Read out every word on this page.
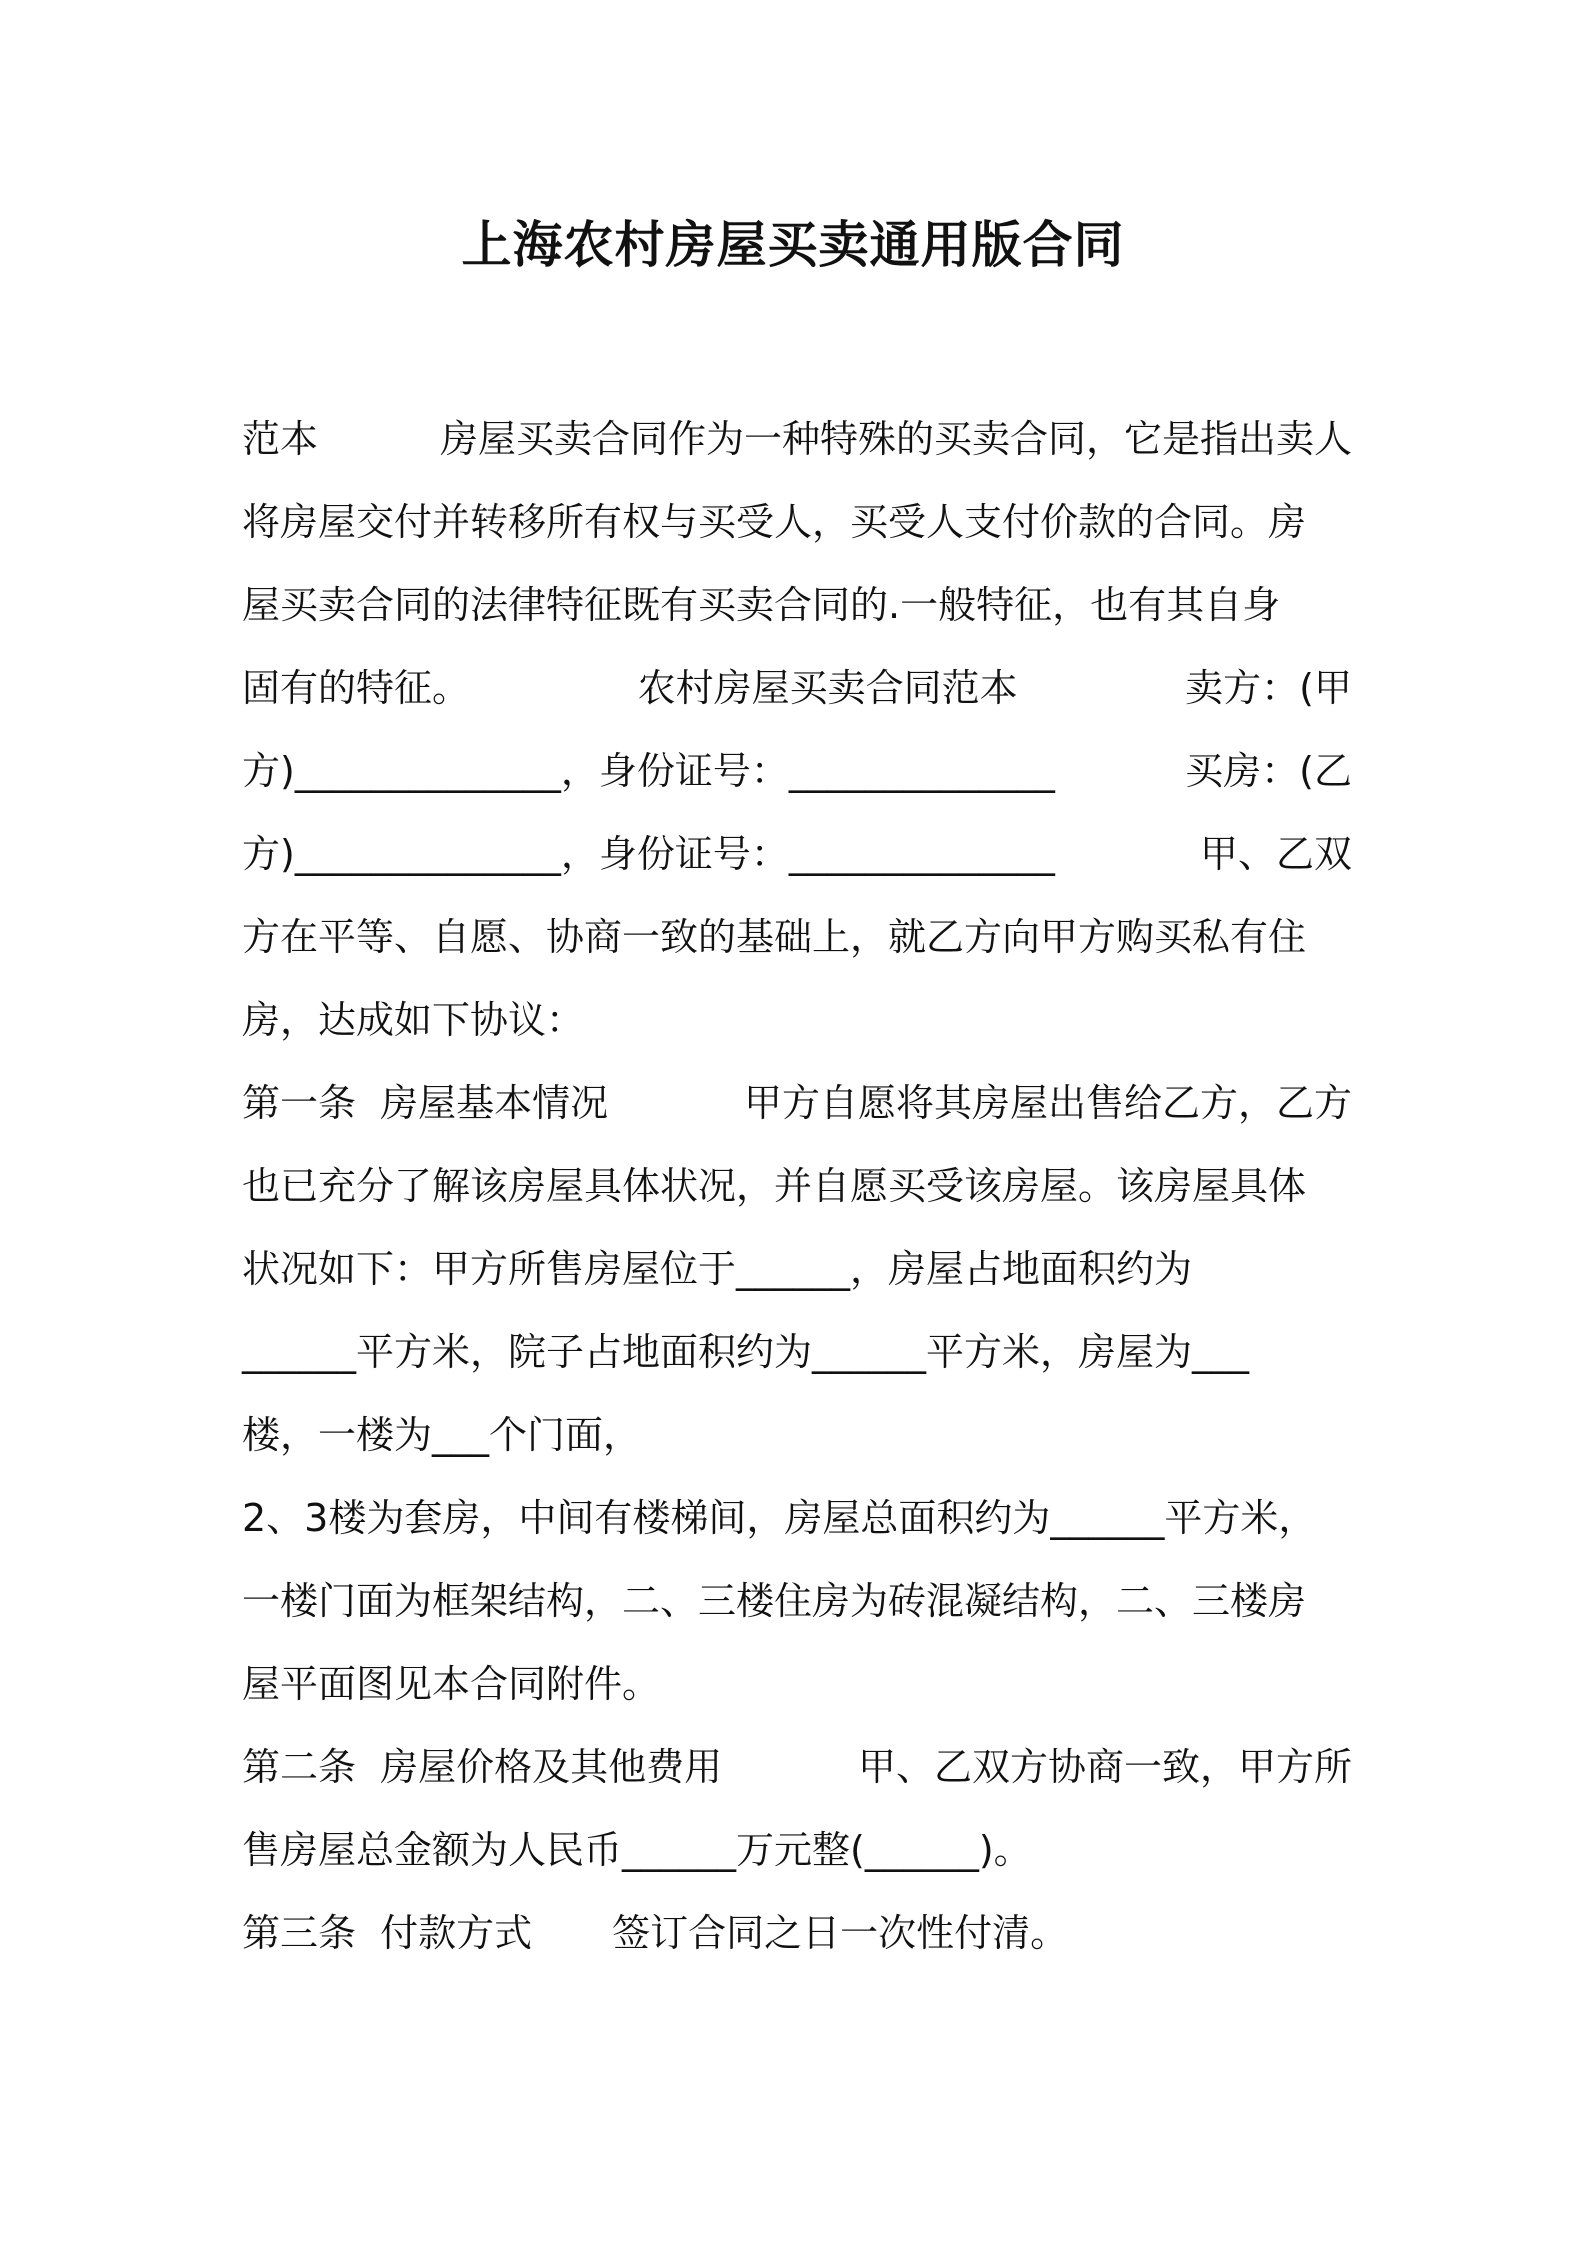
上海农村房屋买卖通用版合同
范本	房屋买卖合同作为一种特殊的买卖合同，它是指出卖人
将房屋交付并转移所有权与买受人，买受人支付价款的合同。房
屋买卖合同的法律特征既有买卖合同的.一般特征，也有其自身
固有的特征。	农村房屋买卖合同范本	卖方：(甲
方)______________，身份证号：______________	买房：(乙
方)______________，身份证号：______________	甲、乙双
方在平等、自愿、协商一致的基础上，就乙方向甲方购买私有住
房，达成如下协议：
第一条  房屋基本情况	甲方自愿将其房屋出售给乙方，乙方
也已充分了解该房屋具体状况，并自愿买受该房屋。该房屋具体
状况如下：甲方所售房屋位于______，房屋占地面积约为
______平方米，院子占地面积约为______平方米，房屋为___
楼，一楼为___个门面，
2、3楼为套房，中间有楼梯间，房屋总面积约为______平方米，
一楼门面为框架结构，二、三楼住房为砖混凝结构，二、三楼房
屋平面图见本合同附件。
第二条  房屋价格及其他费用	甲、乙双方协商一致，甲方所
售房屋总金额为人民币______万元整(______)。
第三条  付款方式 签订合同之日一次性付清。
